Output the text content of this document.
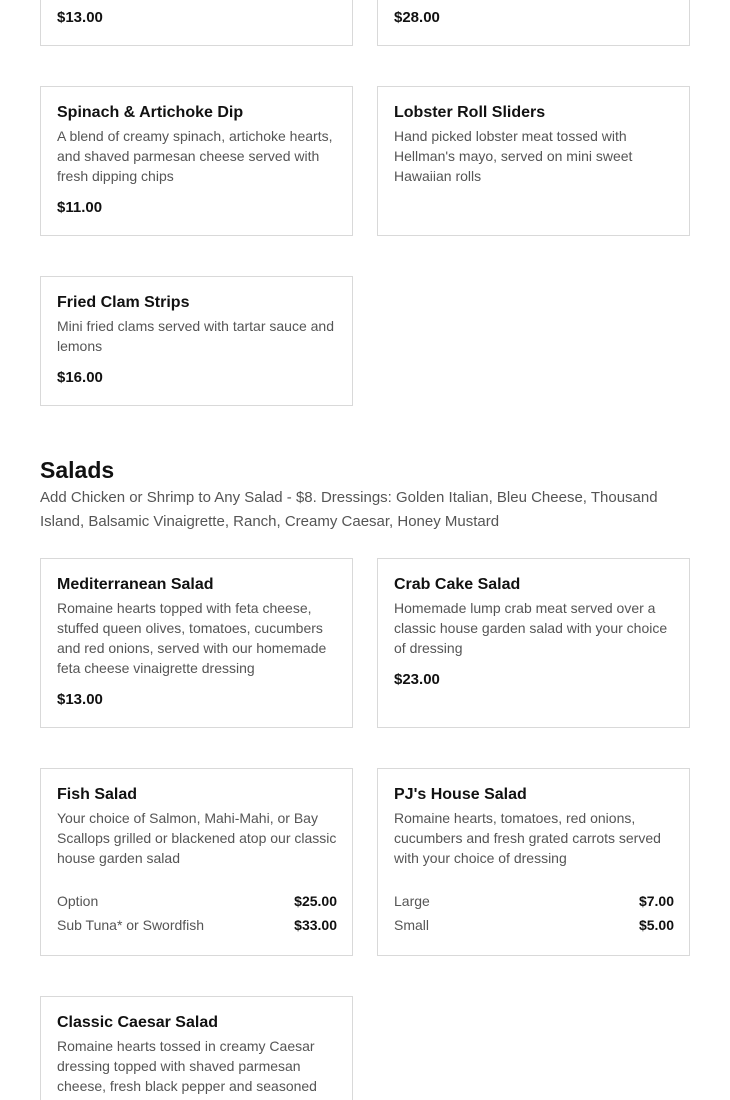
$13.00	$28.00
Spinach & Artichoke Dip
A blend of creamy spinach, artichoke hearts, and shaved parmesan cheese served with fresh dipping chips
$11.00
Lobster Roll Sliders
Hand picked lobster meat tossed with Hellman's mayo, served on mini sweet Hawaiian rolls
Fried Clam Strips
Mini fried clams served with tartar sauce and lemons
$16.00
Salads
Add Chicken or Shrimp to Any Salad - $8. Dressings: Golden Italian, Bleu Cheese, Thousand Island, Balsamic Vinaigrette, Ranch, Creamy Caesar, Honey Mustard
Mediterranean Salad
Romaine hearts topped with feta cheese, stuffed queen olives, tomatoes, cucumbers and red onions, served with our homemade feta cheese vinaigrette dressing
$13.00
Crab Cake Salad
Homemade lump crab meat served over a classic house garden salad with your choice of dressing
$23.00
Fish Salad
Your choice of Salmon, Mahi-Mahi, or Bay Scallops grilled or blackened atop our classic house garden salad
Option	$25.00
Sub Tuna* or Swordfish	$33.00
PJ's House Salad
Romaine hearts, tomatoes, red onions, cucumbers and fresh grated carrots served with your choice of dressing
Large	$7.00
Small	$5.00
Classic Caesar Salad
Romaine hearts tossed in creamy Caesar dressing topped with shaved parmesan cheese, fresh black pepper and seasoned
